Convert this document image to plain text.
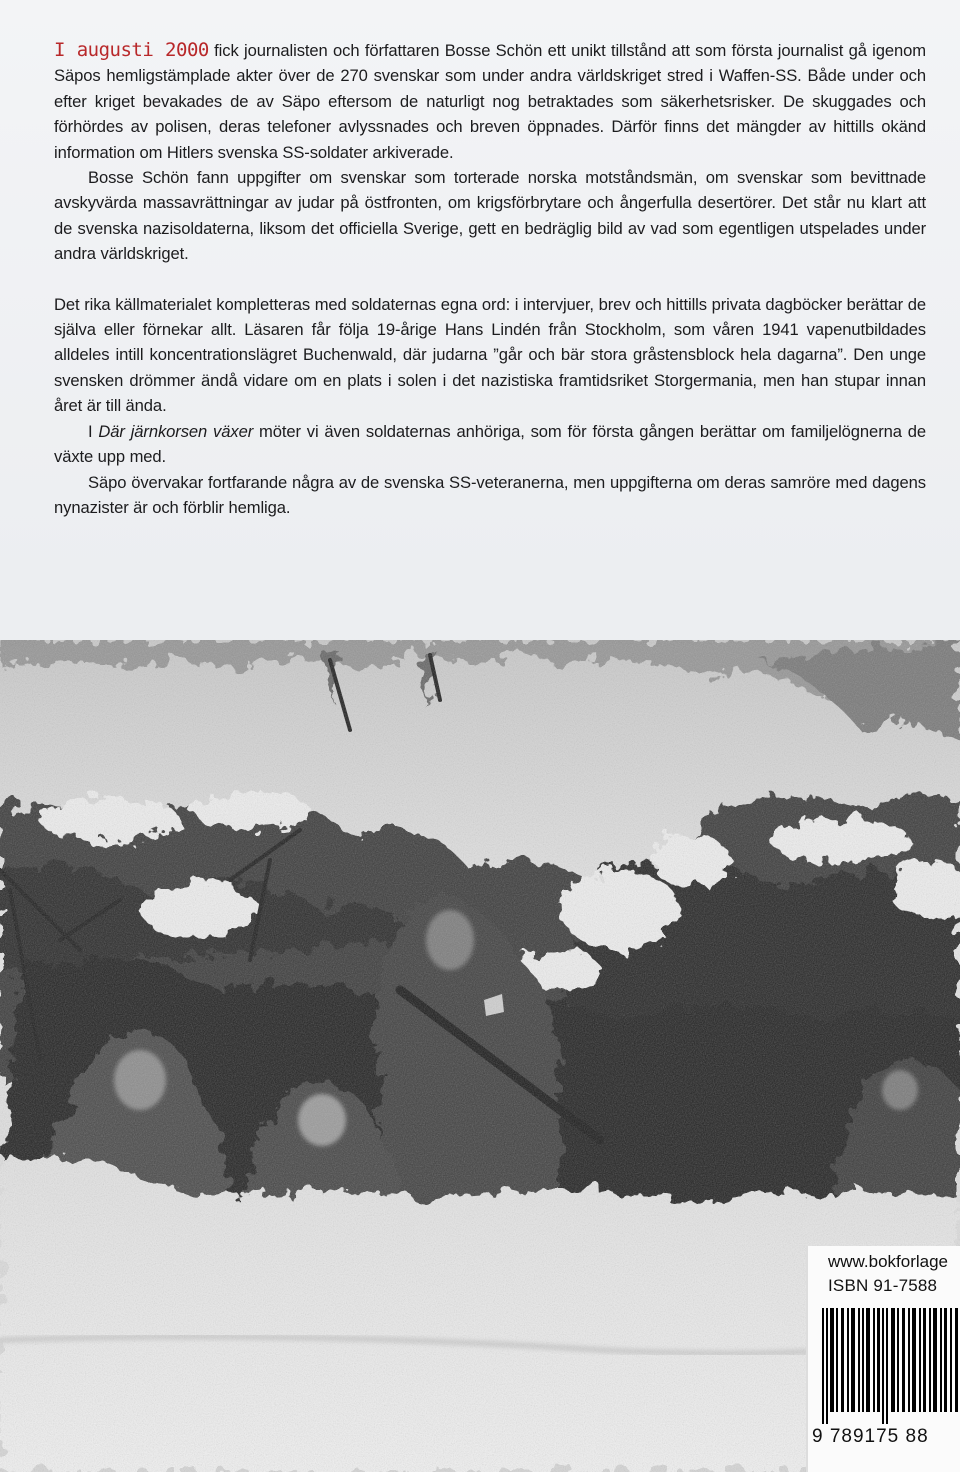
I augusti 2000 fick journalisten och författaren Bosse Schön ett unikt tillstånd att som första journalist gå igenom Säpos hemligstämplade akter över de 270 svenskar som under andra världskriget stred i Waffen-SS. Både under och efter kriget bevakades de av Säpo eftersom de naturligt nog betraktades som säkerhetsrisker. De skuggades och förhördes av polisen, deras telefoner avlyssnades och breven öppnades. Därför finns det mängder av hittills okänd information om Hitlers svenska SS-soldater arkiverade.

Bosse Schön fann uppgifter om svenskar som torterade norska motståndsmän, om svenskar som bevittnade avskyvärda massavrättningar av judar på östfronten, om krigsförbrytare och ångerfulla desertörer. Det står nu klart att de svenska nazisoldaterna, liksom det officiella Sverige, gett en bedräglig bild av vad som egentligen utspelades under andra världskriget.

Det rika källmaterialet kompletteras med soldaternas egna ord: i intervjuer, brev och hittills privata dagböcker berättar de själva eller förnekar allt. Läsaren får följa 19-årige Hans Lindén från Stockholm, som våren 1941 vapenutbildades alldeles intill koncentrationslägret Buchenwald, där judarna ”går och bär stora gråstensblock hela dagarna”. Den unge svensken drömmer ändå vidare om en plats i solen i det nazistiska framtidsriket Storgermania, men han stupar innan året är till ända.

I Där järnkorsen växer möter vi även soldaternas anhöriga, som för första gången berättar om familjelögnerna de växte upp med.

Säpo övervakar fortfarande några av de svenska SS-veteranerna, men uppgifterna om deras samröre med dagens nynazister är och förblir hemliga.

www.bokforlage
ISBN 91-7588
9 789175 88
